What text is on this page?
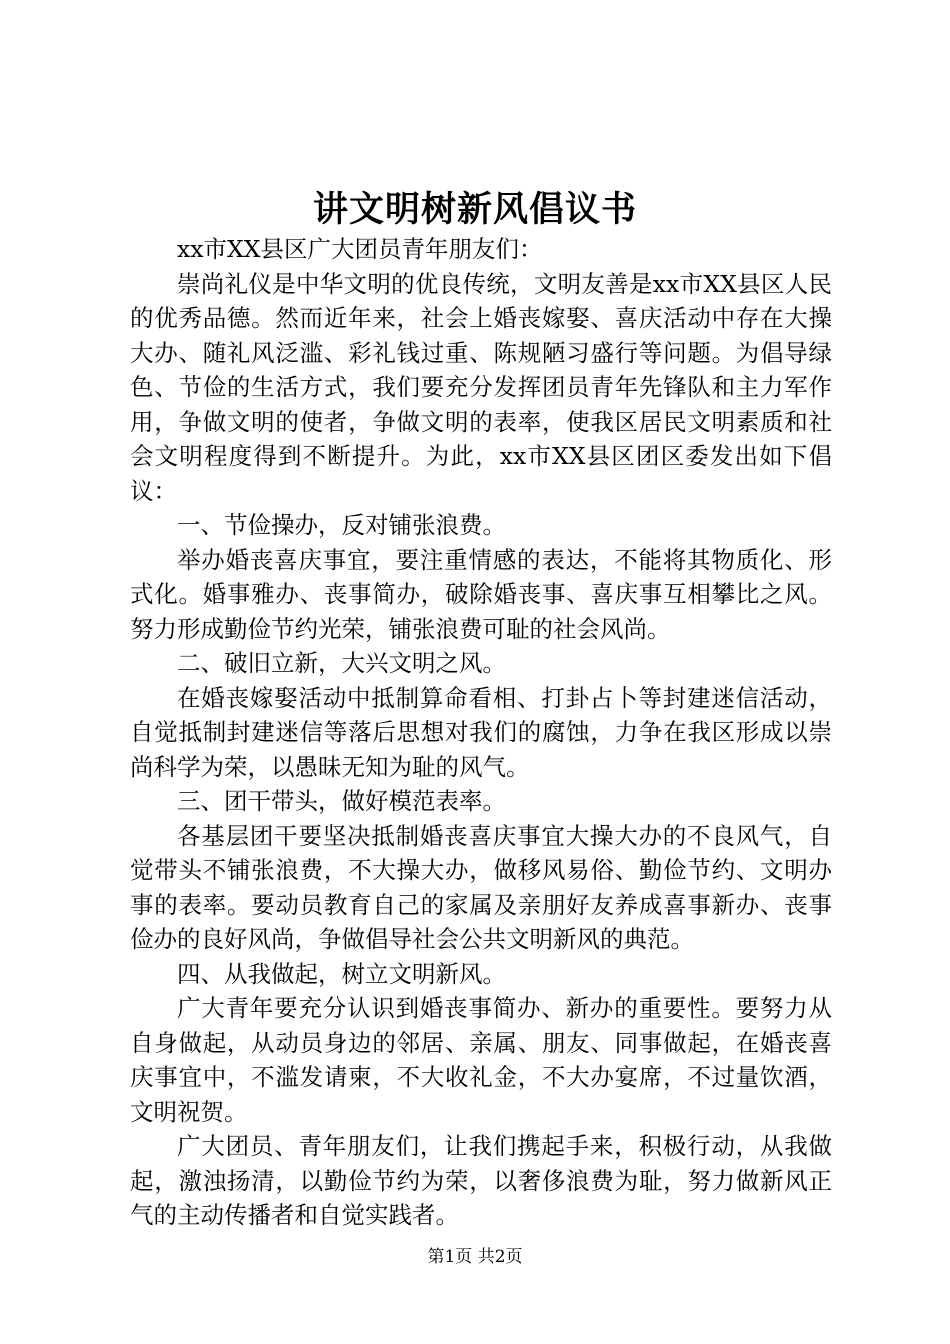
讲文明树新风倡议书

xx市XX县区广大团员青年朋友们：

崇尚礼仪是中华文明的优良传统，文明友善是xx市XX县区人民的优秀品德。然而近年来，社会上婚丧嫁娶、喜庆活动中存在大操大办、随礼风泛滥、彩礼钱过重、陈规陋习盛行等问题。为倡导绿色、节俭的生活方式，我们要充分发挥团员青年先锋队和主力军作用，争做文明的使者，争做文明的表率，使我区居民文明素质和社会文明程度得到不断提升。为此，xx市XX县区团区委发出如下倡议：

一、节俭操办，反对铺张浪费。

举办婚丧喜庆事宜，要注重情感的表达，不能将其物质化、形式化。婚事雅办、丧事简办，破除婚丧事、喜庆事互相攀比之风。努力形成勤俭节约光荣，铺张浪费可耻的社会风尚。

二、破旧立新，大兴文明之风。

在婚丧嫁娶活动中抵制算命看相、打卦占卜等封建迷信活动，自觉抵制封建迷信等落后思想对我们的腐蚀，力争在我区形成以崇尚科学为荣，以愚昧无知为耻的风气。

三、团干带头，做好模范表率。

各基层团干要坚决抵制婚丧喜庆事宜大操大办的不良风气，自觉带头不铺张浪费，不大操大办，做移风易俗、勤俭节约、文明办事的表率。要动员教育自己的家属及亲朋好友养成喜事新办、丧事俭办的良好风尚，争做倡导社会公共文明新风的典范。

四、从我做起，树立文明新风。

广大青年要充分认识到婚丧事简办、新办的重要性。要努力从自身做起，从动员身边的邻居、亲属、朋友、同事做起，在婚丧喜庆事宜中，不滥发请柬，不大收礼金，不大办宴席，不过量饮酒，文明祝贺。

广大团员、青年朋友们，让我们携起手来，积极行动，从我做起，激浊扬清，以勤俭节约为荣，以奢侈浪费为耻，努力做新风正气的主动传播者和自觉实践者。

第1页 共2页
